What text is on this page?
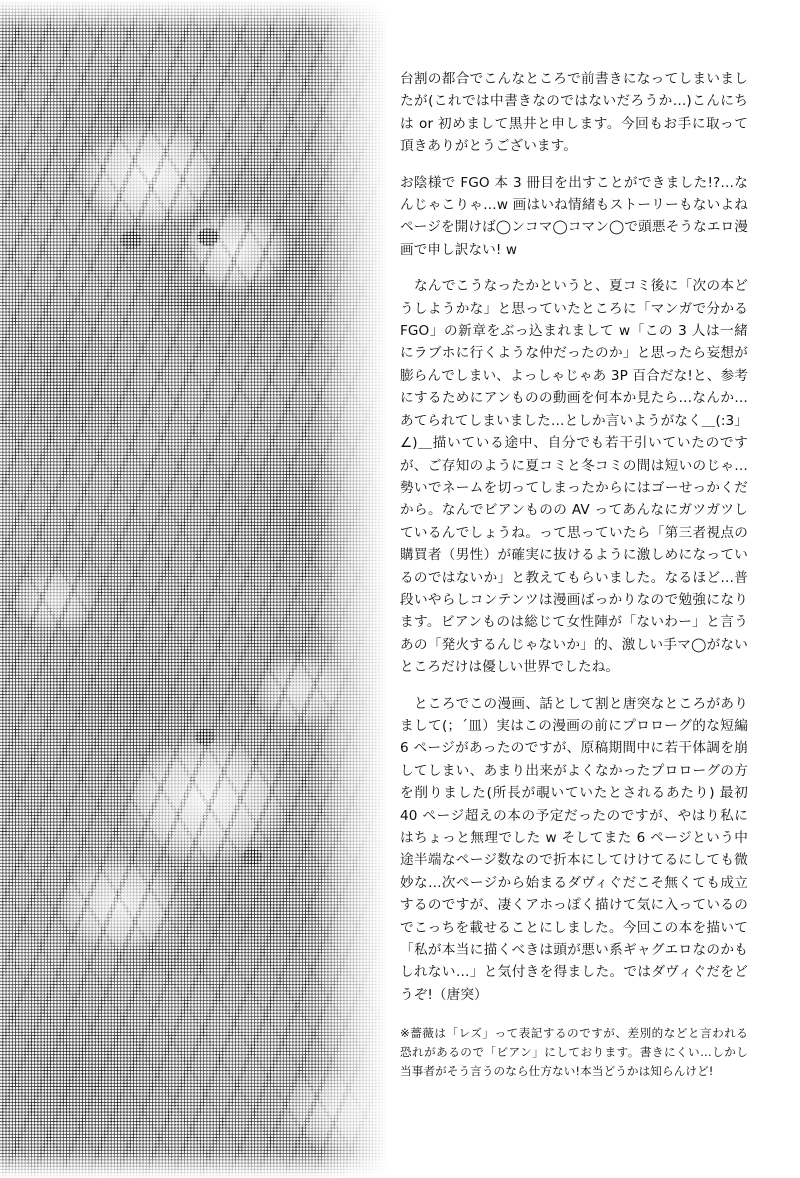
台割の都合でこんなところで前書きになってしまいましたが(これでは中書きなのではないだろうか…)こんにちは or 初めまして黒井と申します。今回もお手に取って頂きありがとうございます。

お陰様で FGO 本 3 冊目を出すことができました!?…なんじゃこりゃ…w 画はいね情緒もストーリーもないよねページを開けば◯ンコマ◯コマン◯で頭悪そうなエロ漫画で申し訳ない! w

なんでこうなったかというと、夏コミ後に「次の本どうしようかな」と思っていたところに「マンガで分かる FGO」の新章をぶっ込まれまして w「この 3 人は一緒にラブホに行くような仲だったのか」と思ったら妄想が膨らんでしまい、よっしゃじゃあ 3P 百合だな!と、参考にするためにアンものの動画を何本か見たら…なんか…あてられてしまいました…としか言いようがなく＿(:3」∠)＿描いている途中、自分でも若干引いていたのですが、ご存知のように夏コミと冬コミの間は短いのじゃ…勢いでネームを切ってしまったからにはゴーせっかくだから。なんでビアンものの AV ってあんなにガツガツしているんでしょうね。って思っていたら「第三者視点の購買者（男性）が確実に抜けるように激しめになっているのではないか」と教えてもらいました。なるほど…普段いやらしコンテンツは漫画ばっかりなので勉強になります。ビアンものは総じて女性陣が「ないわー」と言うあの「発火するんじゃないか」的、激しい手マ◯がないところだけは優しい世界でしたね。

ところでこの漫画、話として割と唐突なところがありまして(；´皿）実はこの漫画の前にプロローグ的な短編 6 ページがあったのですが、原稿期間中に若干体調を崩してしまい、あまり出来がよくなかったプロローグの方を削りました(所長が覗いていたとされるあたり) 最初 40 ページ超えの本の予定だったのですが、やはり私にはちょっと無理でした w そしてまた 6 ページという中途半端なページ数なので折本にしてけけてるにしても微妙な…次ページから始まるダヴィぐだこそ無くても成立するのですが、凄くアホっぽく描けて気に入っているのでこっちを載せることにしました。今回この本を描いて「私が本当に描くべきは頭が悪い系ギャグエロなのかもしれない…」と気付きを得ました。ではダヴィぐだをどうぞ!（唐突）

※薔薇は「レズ」って表記するのですが、差別的などと言われる恐れがあるので「ビアン」にしております。書きにくい…しかし当事者がそう言うのなら仕方ない!本当どうかは知らんけど!
